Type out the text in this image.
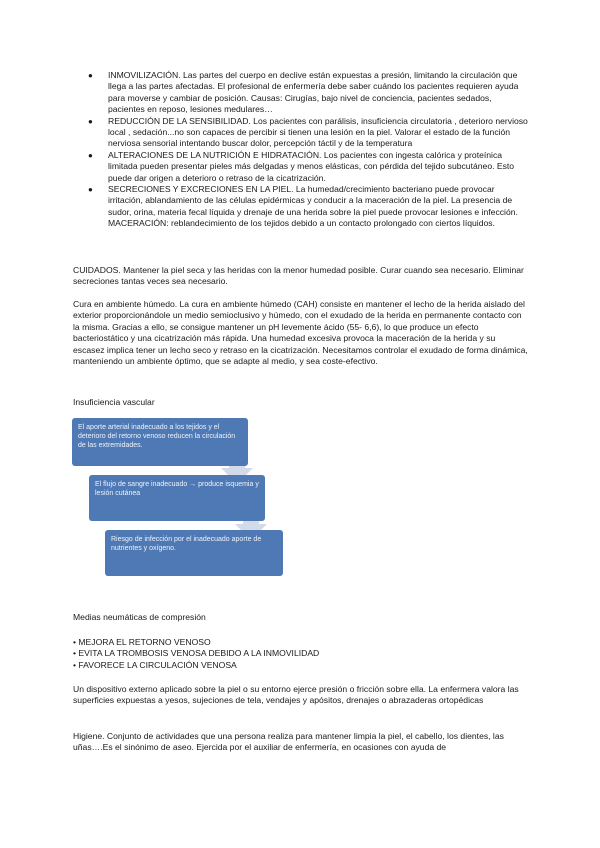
● INMOVILIZACIÓN. Las partes del cuerpo en declive están expuestas a presión, limitando la circulación que llega a las partes afectadas. El profesional de enfermería debe saber cuándo los pacientes requieren ayuda para moverse y cambiar de posición. Causas: Cirugías, bajo nivel de conciencia, pacientes sedados, pacientes en reposo, lesiones medulares…
● REDUCCIÓN DE LA SENSIBILIDAD. Los pacientes con parálisis, insuficiencia circulatoria , deterioro nervioso local , sedación...no son capaces de percibir si tienen una lesión en la piel. Valorar el estado de la función nerviosa sensorial intentando buscar dolor, percepción táctil y de la temperatura
● ALTERACIONES DE LA NUTRICIÓN E HIDRATACIÓN. Los pacientes con ingesta calórica y proteínica limitada pueden presentar pieles más delgadas y menos elásticas, con pérdida del tejido subcutáneo. Esto puede dar origen a deterioro o retraso de la cicatrización.
● SECRECIONES Y EXCRECIONES EN LA PIEL. La humedad/crecimiento bacteriano puede provocar irritación, ablandamiento de las células epidérmicas y conducir a la maceración de la piel. La presencia de sudor, orina, materia fecal líquida y drenaje de una herida sobre la piel puede provocar lesiones e infección. MACERACIÓN: reblandecimiento de los tejidos debido a un contacto prolongado con ciertos líquidos.

CUIDADOS. Mantener la piel seca y las heridas con la menor humedad posible. Curar cuando sea necesario. Eliminar secreciones tantas veces sea necesario.

Cura en ambiente húmedo. La cura en ambiente húmedo (CAH) consiste en mantener el lecho de la herida aislado del exterior proporcionándole un medio semioclusivo y húmedo, con el exudado de la herida en permanente contacto con la misma. Gracias a ello, se consigue mantener un pH levemente ácido (55- 6,6), lo que produce un efecto bacteriostático y una cicatrización más rápida. Una humedad excesiva provoca la maceración de la herida y su escasez implica tener un lecho seco y retraso en la cicatrización. Necesitamos controlar el exudado de forma dinámica, manteniendo un ambiente óptimo, que se adapte al medio, y sea coste-efectivo.

Insuficiencia vascular

El aporte arterial inadecuado a los tejidos y el deterioro del retorno venoso reducen la circulación de las extremidades.
El flujo de sangre inadecuado → produce isquemia y lesión cutánea
Riesgo de infección por el inadecuado aporte de nutrientes y oxígeno.

Medias neumáticas de compresión

• MEJORA EL RETORNO VENOSO
• EVITA LA TROMBOSIS VENOSA DEBIDO A LA INMOVILIDAD
• FAVORECE LA CIRCULACIÓN VENOSA

Un dispositivo externo aplicado sobre la piel o su entorno ejerce presión o fricción sobre ella. La enfermera valora las superficies expuestas a yesos, sujeciones de tela, vendajes y apósitos, drenajes o abrazaderas ortopédicas

Higiene. Conjunto de actividades que una persona realiza para mantener limpia la piel, el cabello, los dientes, las uñas….Es el sinónimo de aseo. Ejercida por el auxiliar de enfermería, en ocasiones con ayuda de
